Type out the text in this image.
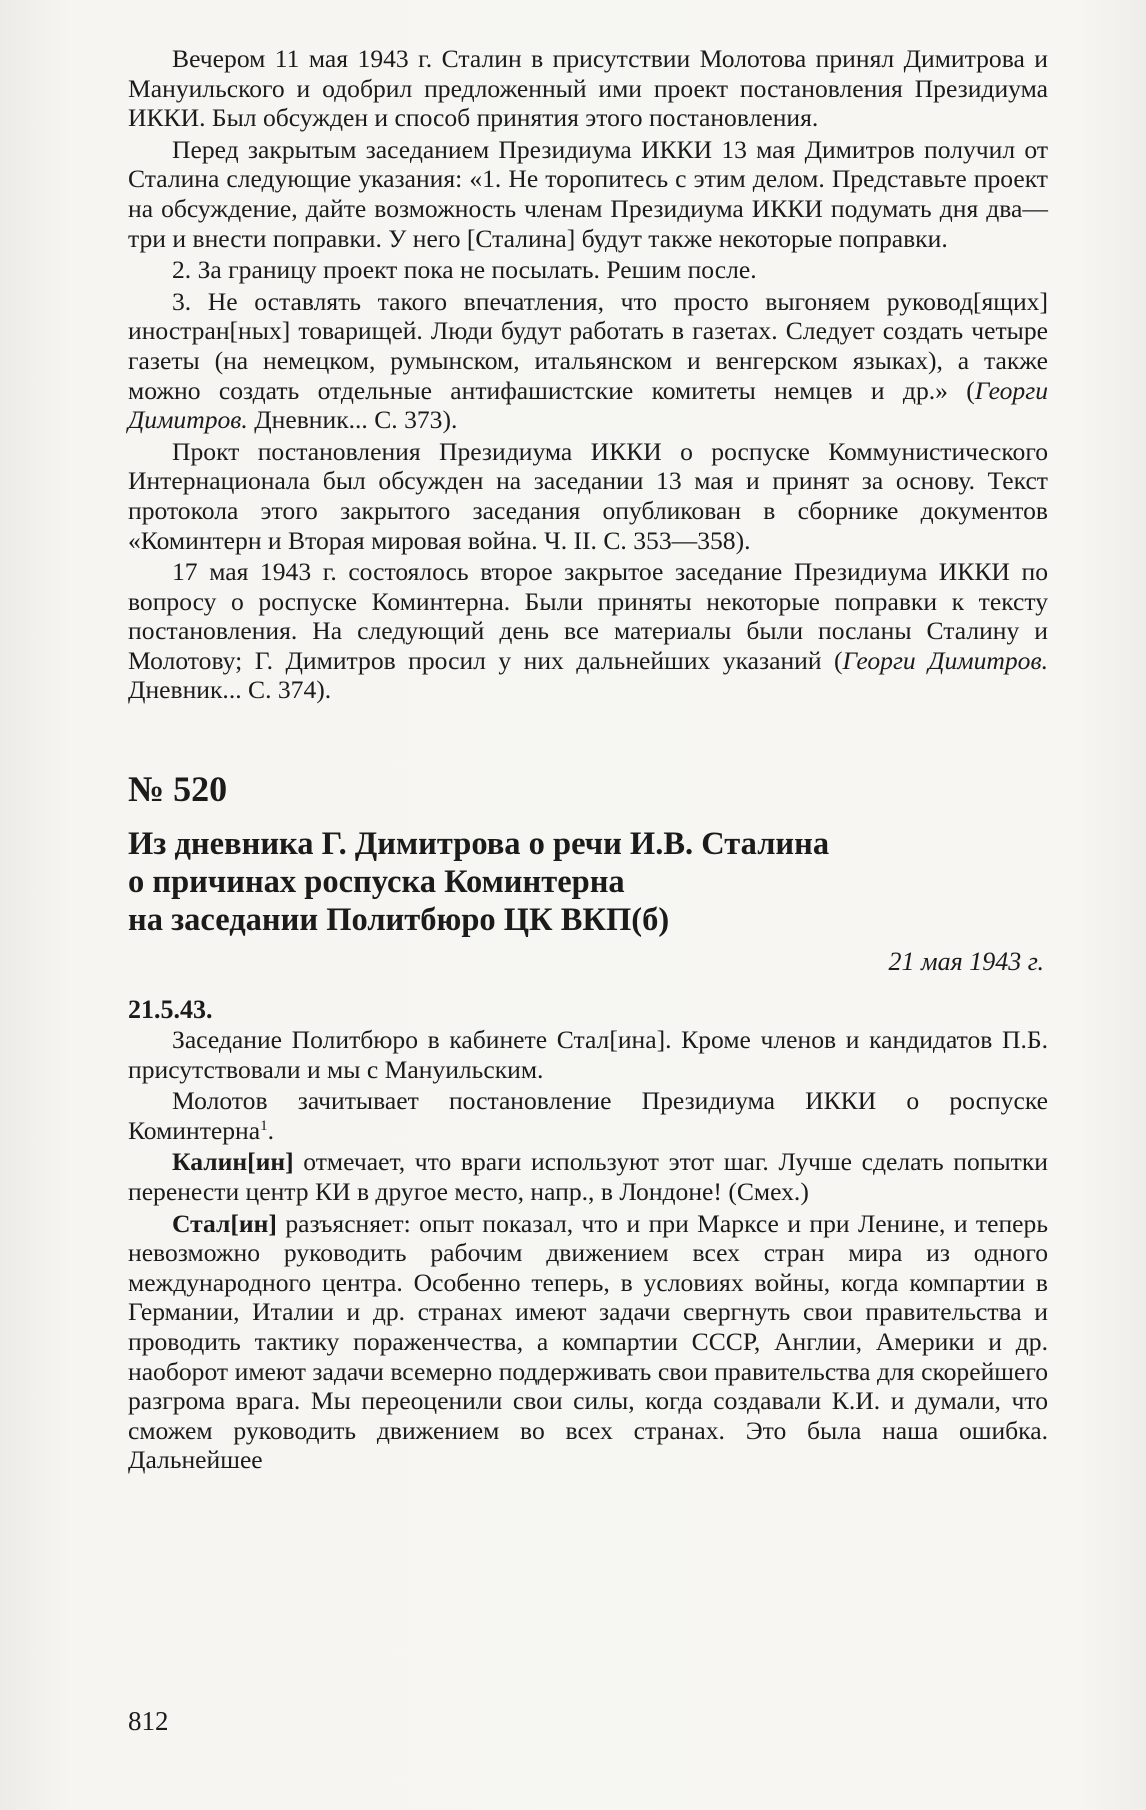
Вечером 11 мая 1943 г. Сталин в присутствии Молотова принял Димитрова и Мануильского и одобрил предложенный ими проект постановления Президиума ИККИ. Был обсужден и способ принятия этого постановления.

Перед закрытым заседанием Президиума ИККИ 13 мая Димитров получил от Сталина следующие указания: «1. Не торопитесь с этим делом. Представьте проект на обсуждение, дайте возможность членам Президиума ИККИ подумать дня два—три и внести поправки. У него [Сталина] будут также некоторые поправки.

2. За границу проект пока не посылать. Решим после.

3. Не оставлять такого впечатления, что просто выгоняем руковод[ящих] иностран[ных] товарищей. Люди будут работать в газетах. Следует создать четыре газеты (на немецком, румынском, итальянском и венгерском языках), а также можно создать отдельные антифашистские комитеты немцев и др.» (Георги Димитров. Дневник... С. 373).

Прокт постановления Президиума ИККИ о роспуске Коммунистического Интернационала был обсужден на заседании 13 мая и принят за основу. Текст протокола этого закрытого заседания опубликован в сборнике документов «Коминтерн и Вторая мировая война. Ч. II. С. 353—358).

17 мая 1943 г. состоялось второе закрытое заседание Президиума ИККИ по вопросу о роспуске Коминтерна. Были приняты некоторые поправки к тексту постановления. На следующий день все материалы были посланы Сталину и Молотову; Г. Димитров просил у них дальнейших указаний (Георги Димитров. Дневник... С. 374).

№ 520
Из дневника Г. Димитрова о речи И.В. Сталина
о причинах роспуска Коминтерна
на заседании Политбюро ЦК ВКП(б)
21 мая 1943 г.
21.5.43.

Заседание Политбюро в кабинете Стал[ина]. Кроме членов и кандидатов П.Б. присутствовали и мы с Мануильским.

Молотов зачитывает постановление Президиума ИККИ о роспуске Коминтерна$^1$.

Калин[ин] отмечает, что враги используют этот шаг. Лучше сделать попытки перенести центр КИ в другое место, напр., в Лондоне! (Смех.)

Стал[ин] разъясняет: опыт показал, что и при Марксе и при Ленине, и теперь невозможно руководить рабочим движением всех стран мира из одного международного центра. Особенно теперь, в условиях войны, когда компартии в Германии, Италии и др. странах имеют задачи свергнуть свои правительства и проводить тактику пораженчества, а компартии СССР, Англии, Америки и др. наоборот имеют задачи всемерно поддерживать свои правительства для скорейшего разгрома врага. Мы переоценили свои силы, когда создавали К.И. и думали, что сможем руководить движением во всех странах. Это была наша ошибка. Дальнейшее

812
